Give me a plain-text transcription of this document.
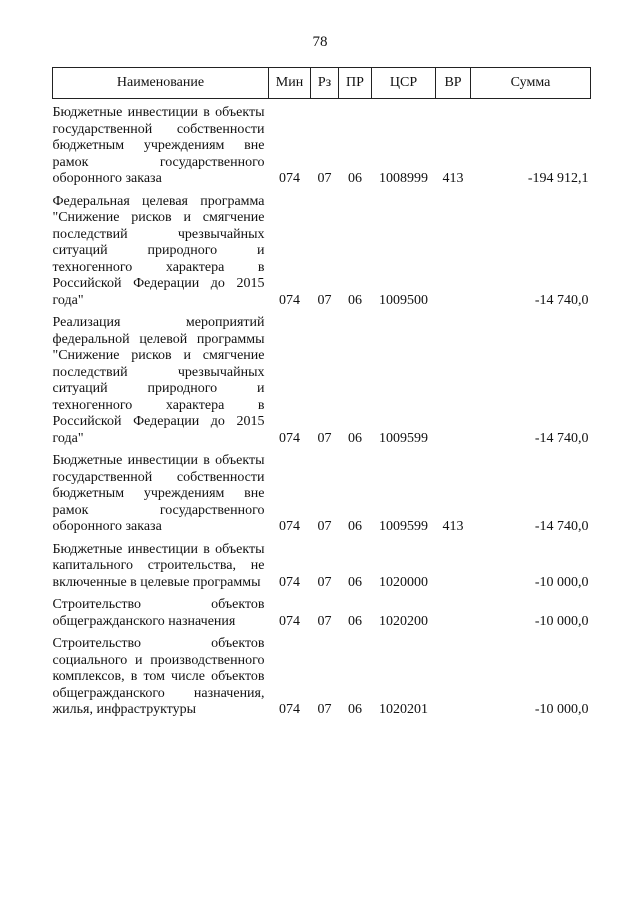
78
Наименование	Мин	Рз	ПР	ЦСР	ВР	Сумма
Бюджетные инвестиции в объекты государственной собственности бюджетным учреждениям вне рамок государственного оборонного заказа	074	07	06	1008999	413	-194 912,1
Федеральная целевая программа "Снижение рисков и смягчение последствий чрезвычайных ситуаций природного и техногенного характера в Российской Федерации до 2015 года"	074	07	06	1009500		-14 740,0
Реализация мероприятий федеральной целевой программы "Снижение рисков и смягчение последствий чрезвычайных ситуаций природного и техногенного характера в Российской Федерации до 2015 года"	074	07	06	1009599		-14 740,0
Бюджетные инвестиции в объекты государственной собственности бюджетным учреждениям вне рамок государственного оборонного заказа	074	07	06	1009599	413	-14 740,0
Бюджетные инвестиции в объекты капитального строительства, не включенные в целевые программы	074	07	06	1020000		-10 000,0
Строительство объектов общегражданского назначения	074	07	06	1020200		-10 000,0
Строительство объектов социального и производственного комплексов, в том числе объектов общегражданского назначения, жилья, инфраструктуры	074	07	06	1020201		-10 000,0
